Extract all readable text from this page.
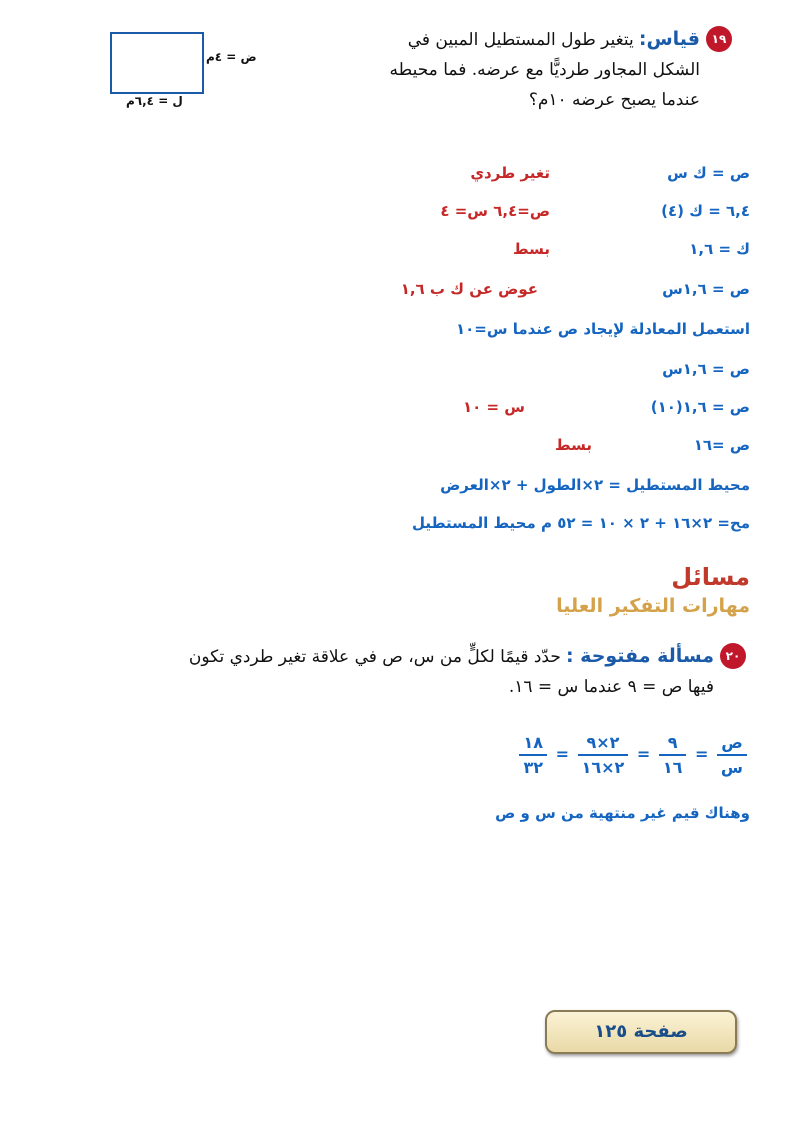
ض = ٤م
ل = ٦,٤م
١٩
قياس: يتغير طول المستطيل المبين في
الشكل المجاور طرديًّا مع عرضه. فما محيطه
عندما يصبح عرضه ١٠م؟
ص = ك س
تغير طردي
٦,٤ = ك (٤)
ص=٦,٤ س= ٤
ك = ١,٦
بسط
ص = ١,٦س
عوض عن ك ب ١,٦
استعمل المعادلة لإيجاد ص عندما س=١٠
ص = ١,٦س
ص = ١,٦(١٠)
س = ١٠
ص =١٦
بسط
محيط المستطيل = ٢×الطول + ٢×العرض
مح= ٢×١٦ + ٢ × ١٠ = ٥٢ م محيط المستطيل
مسائل
مهارات التفكير العليا
٢٠
مسألة مفتوحة : حدّد قيمًا لكلٍّ من س، ص في علاقة تغير طردي تكون
فيها ص = ٩ عندما س = ١٦.
$\frac{\text{ص}}{\text{س}}$
=
$\frac{٩}{١٦}$
=
$\frac{٢\times ٩}{٢\times ١٦}$
=
$\frac{١٨}{٣٢}$
وهناك قيم غير منتهية من س و ص
صفحة ١٢٥
